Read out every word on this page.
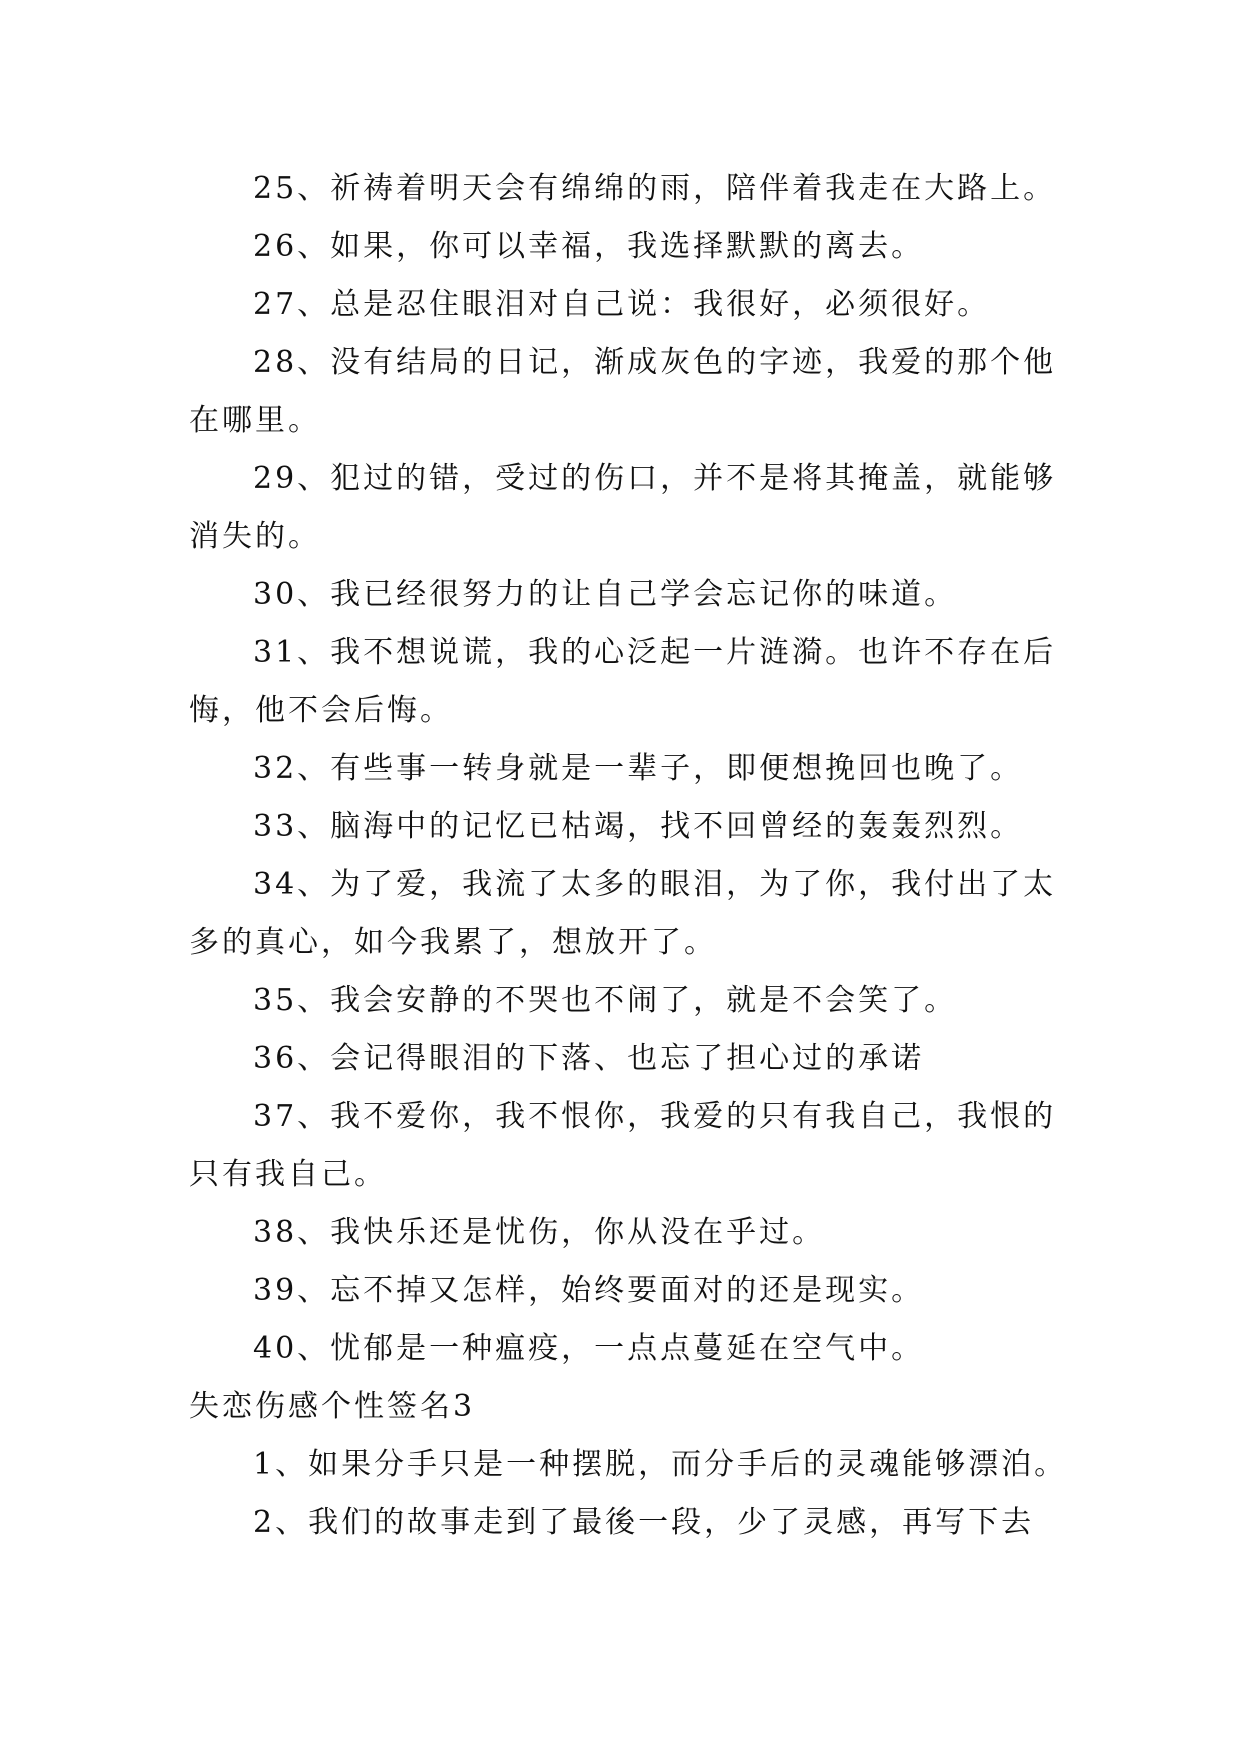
25、祈祷着明天会有绵绵的雨，陪伴着我走在大路上。

26、如果，你可以幸福，我选择默默的离去。

27、总是忍住眼泪对自己说：我很好，必须很好。

28、没有结局的日记，渐成灰色的字迹，我爱的那个他在哪里。

29、犯过的错，受过的伤口，并不是将其掩盖，就能够消失的。

30、我已经很努力的让自己学会忘记你的味道。

31、我不想说谎，我的心泛起一片涟漪。也许不存在后悔，他不会后悔。

32、有些事一转身就是一辈子，即便想挽回也晚了。

33、脑海中的记忆已枯竭，找不回曾经的轰轰烈烈。

34、为了爱，我流了太多的眼泪，为了你，我付出了太多的真心，如今我累了，想放开了。

35、我会安静的不哭也不闹了，就是不会笑了。

36、会记得眼泪的下落、也忘了担心过的承诺

37、我不爱你，我不恨你，我爱的只有我自己，我恨的只有我自己。

38、我快乐还是忧伤，你从没在乎过。

39、忘不掉又怎样，始终要面对的还是现实。

40、忧郁是一种瘟疫，一点点蔓延在空气中。

失恋伤感个性签名3

1、如果分手只是一种摆脱，而分手后的灵魂能够漂泊。

2、我们的故事走到了最後一段，少了灵感，再写下去
